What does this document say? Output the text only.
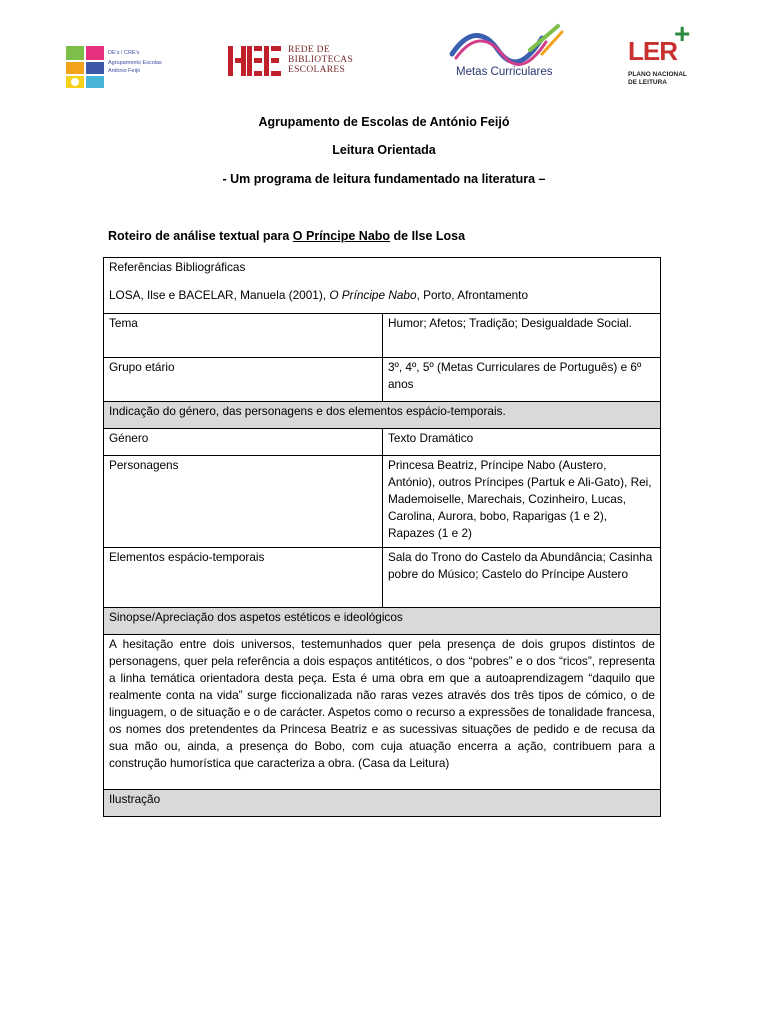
DE's / CRE's
Agrupamento Escolas
António Feijó
REDE DE
BIBLIOTECAS
ESCOLARES	Metas Curriculares
LER
+
PLANO NACIONAL
DE LEITURA
Agrupamento de Escolas de António Feijó
Leitura Orientada
- Um programa de leitura fundamentado na literatura –
Roteiro de análise textual para O Príncipe Nabo de Ilse Losa
Referências Bibliográficas
LOSA, Ilse e BACELAR, Manuela (2001), O Príncipe Nabo, Porto, Afrontamento	

Tema	Humor; Afetos; Tradição; Desigualdade Social.
Grupo etário	3º, 4º, 5º (Metas Curriculares de Português) e 6º anos
Indicação do género, das personagens e dos elementos espácio-temporais.	
Género	Texto Dramático
Personagens	Princesa Beatriz, Príncipe Nabo (Austero, António), outros Príncipes (Partuk e Ali-Gato), Rei, Mademoiselle, Marechais, Cozinheiro, Lucas, Carolina, Aurora, bobo, Raparigas (1 e 2), Rapazes (1 e 2)
Elementos espácio-temporais	Sala do Trono do Castelo da Abundância; Casinha pobre do Músico; Castelo do Príncipe Austero
Sinopse/Apreciação dos aspetos estéticos e ideológicos	
A hesitação entre dois universos, testemunhados quer pela presença de dois grupos distintos de personagens, quer pela referência a dois espaços antitéticos, o dos “pobres” e o dos “ricos”, representa a linha temática orientadora desta peça. Esta é uma obra em que a autoaprendizagem “daquilo que realmente conta na vida” surge ficcionalizada não raras vezes através dos três tipos de cómico, o de linguagem, o de situação e o de carácter. Aspetos como o recurso a expressões de tonalidade francesa, os nomes dos pretendentes da Princesa Beatriz e as sucessivas situações de pedido e de recusa da sua mão ou, ainda, a presença do Bobo, com cuja atuação encerra a ação, contribuem para a construção humorística que caracteriza a obra. (Casa da Leitura)	
Ilustração	
